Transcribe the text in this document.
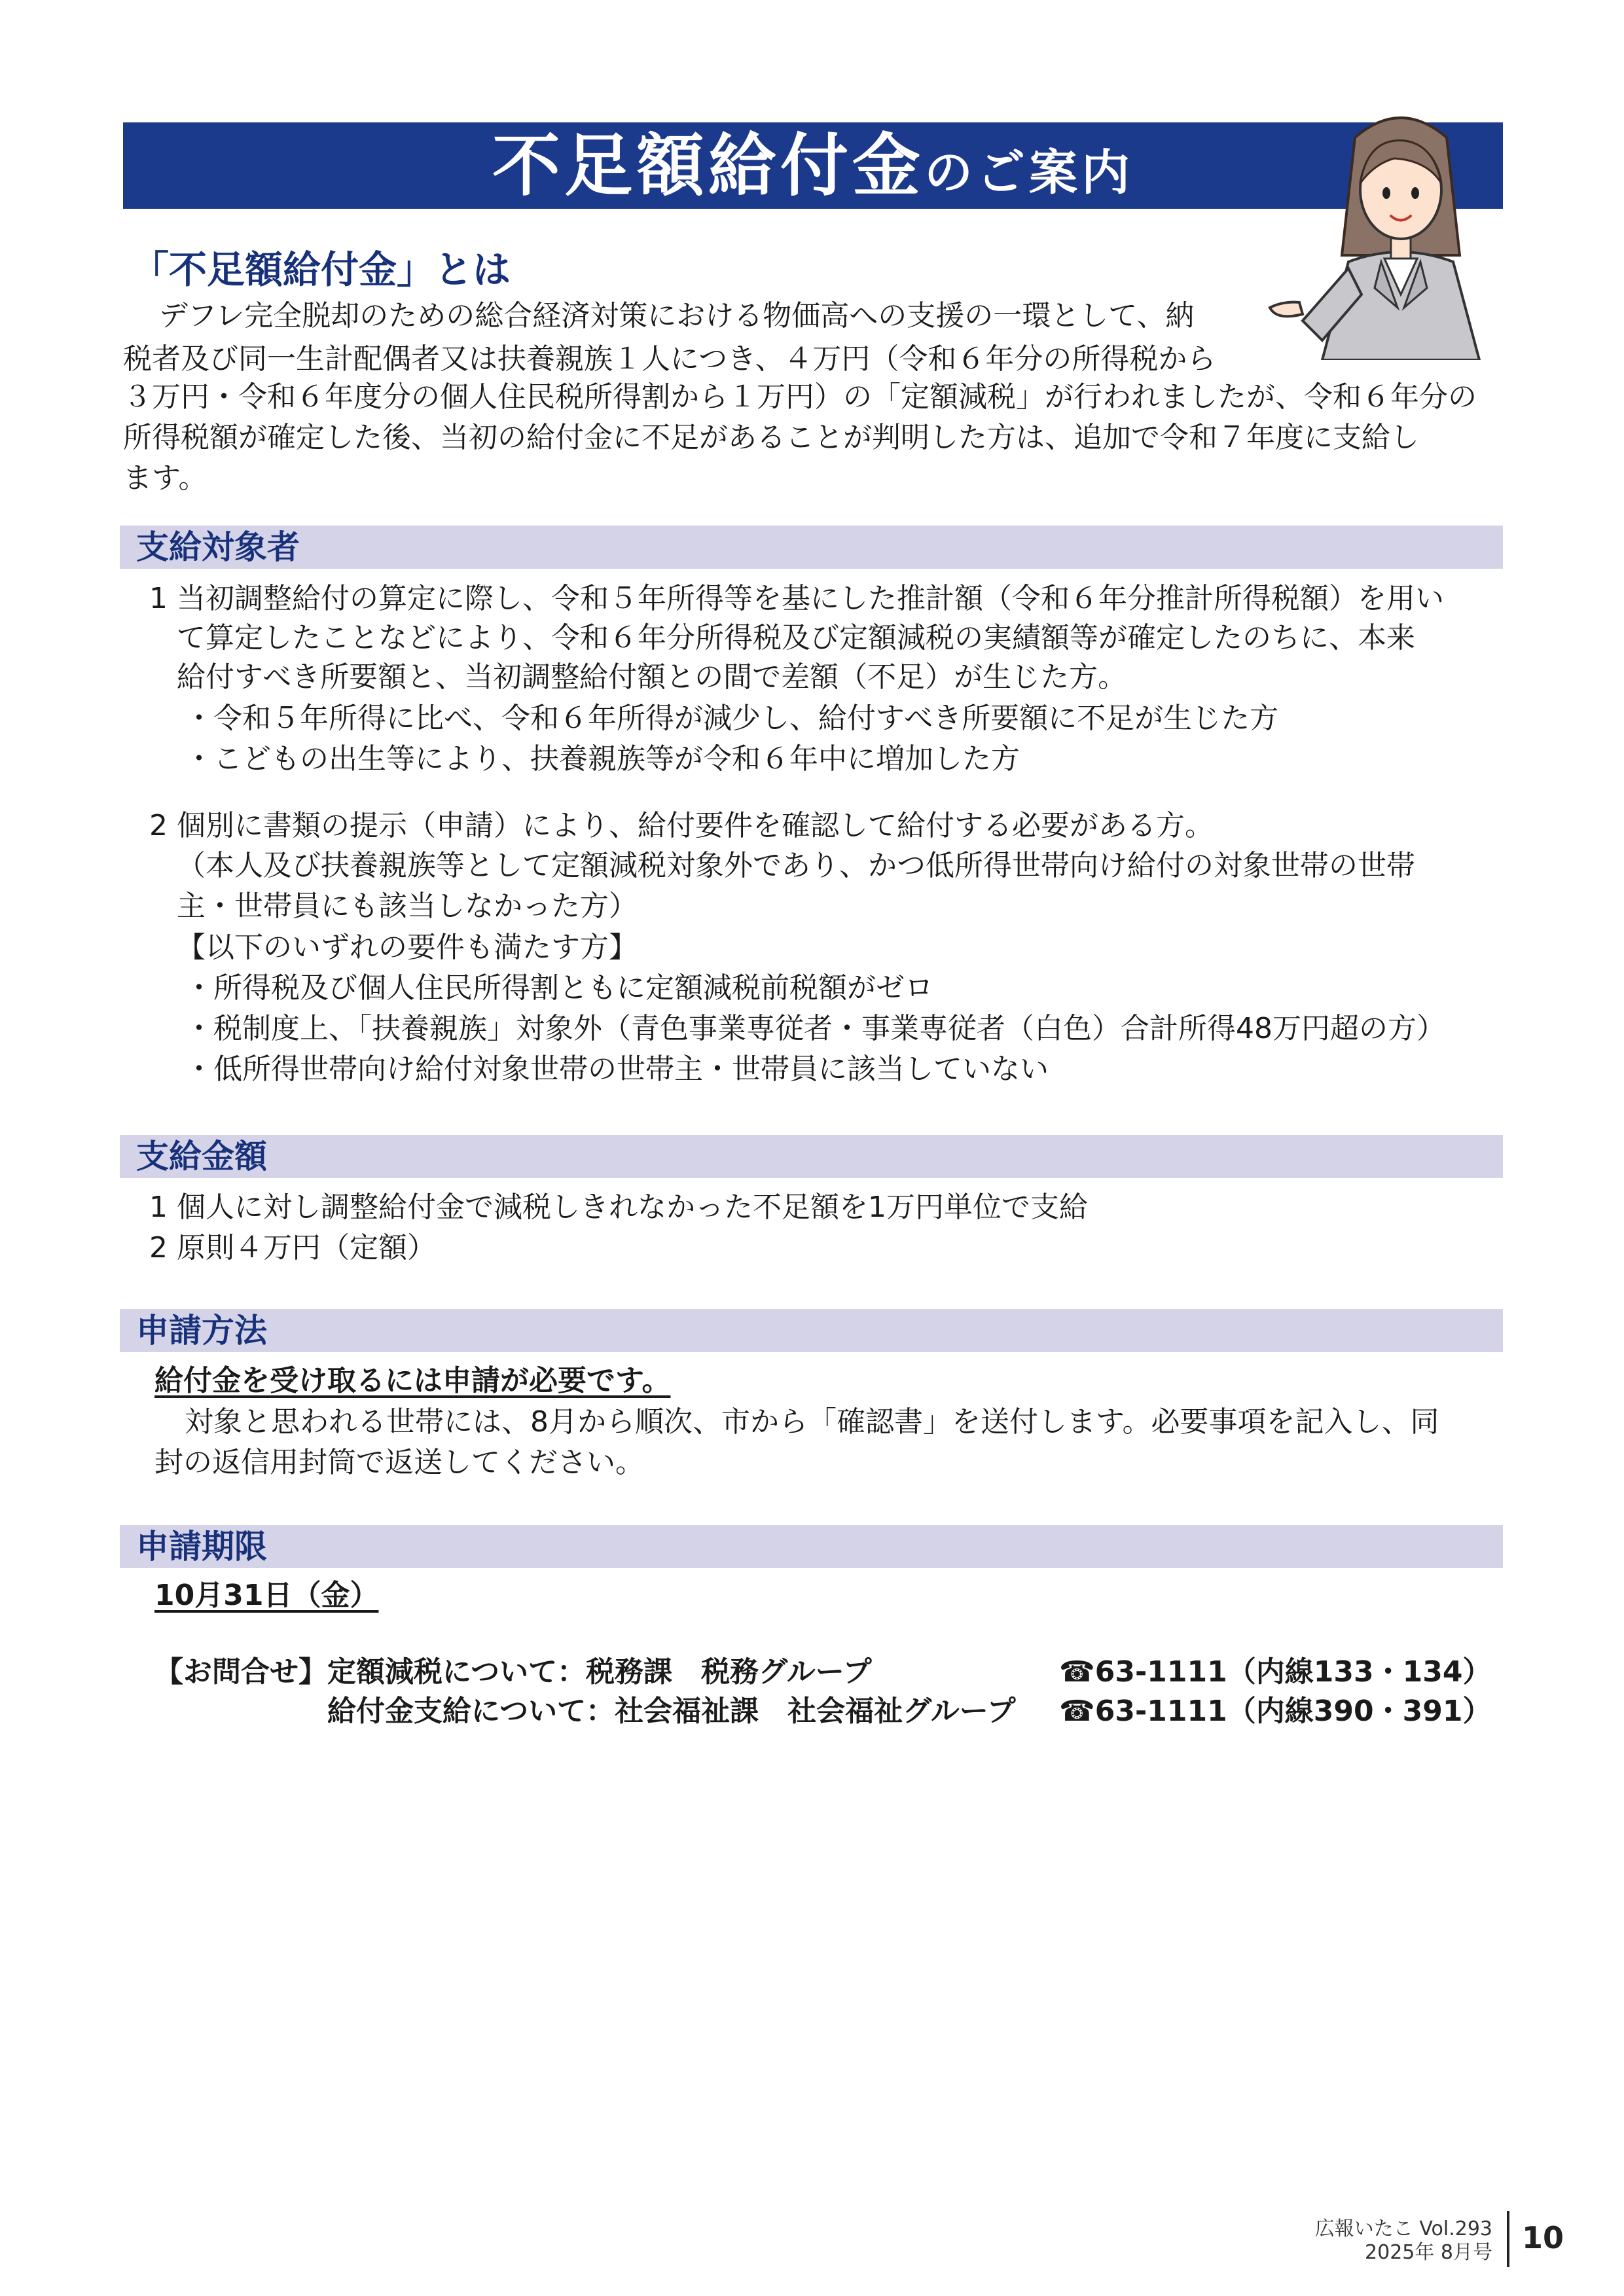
不足額給付金のご案内
「不足額給付金」とは
デフレ完全脱却のための総合経済対策における物価高への支援の一環として、納
税者及び同一生計配偶者又は扶養親族１人につき、４万円（令和６年分の所得税から
３万円・令和６年度分の個人住民税所得割から１万円）の「定額減税」が行われましたが、令和６年分の
所得税額が確定した後、当初の給付金に不足があることが判明した方は、追加で令和７年度に支給し
ます。
支給対象者
1 当初調整給付の算定に際し、令和５年所得等を基にした推計額（令和６年分推計所得税額）を用い
て算定したことなどにより、令和６年分所得税及び定額減税の実績額等が確定したのちに、本来
給付すべき所要額と、当初調整給付額との間で差額（不足）が生じた方。
・令和５年所得に比べ、令和６年所得が減少し、給付すべき所要額に不足が生じた方
・こどもの出生等により、扶養親族等が令和６年中に増加した方
2 個別に書類の提示（申請）により、給付要件を確認して給付する必要がある方。
（本人及び扶養親族等として定額減税対象外であり、かつ低所得世帯向け給付の対象世帯の世帯
主・世帯員にも該当しなかった方）
【以下のいずれの要件も満たす方】
・所得税及び個人住民所得割ともに定額減税前税額がゼロ
・税制度上、「扶養親族」対象外（青色事業専従者・事業専従者（白色）合計所得48万円超の方）
・低所得世帯向け給付対象世帯の世帯主・世帯員に該当していない
支給金額
1 個人に対し調整給付金で減税しきれなかった不足額を1万円単位で支給
2 原則４万円（定額）
申請方法
給付金を受け取るには申請が必要です。
対象と思われる世帯には、8月から順次、市から「確認書」を送付します。必要事項を記入し、同
封の返信用封筒で返送してください。
申請期限
10月31日（金）
【お問合せ】 定額減税について：税務課　税務グループ	☎63-1111（内線133・134）
給付金支給について：社会福祉課　社会福祉グループ ☎63-1111（内線390・391）
広報いたこ Vol.293
2025年 8月号 10
